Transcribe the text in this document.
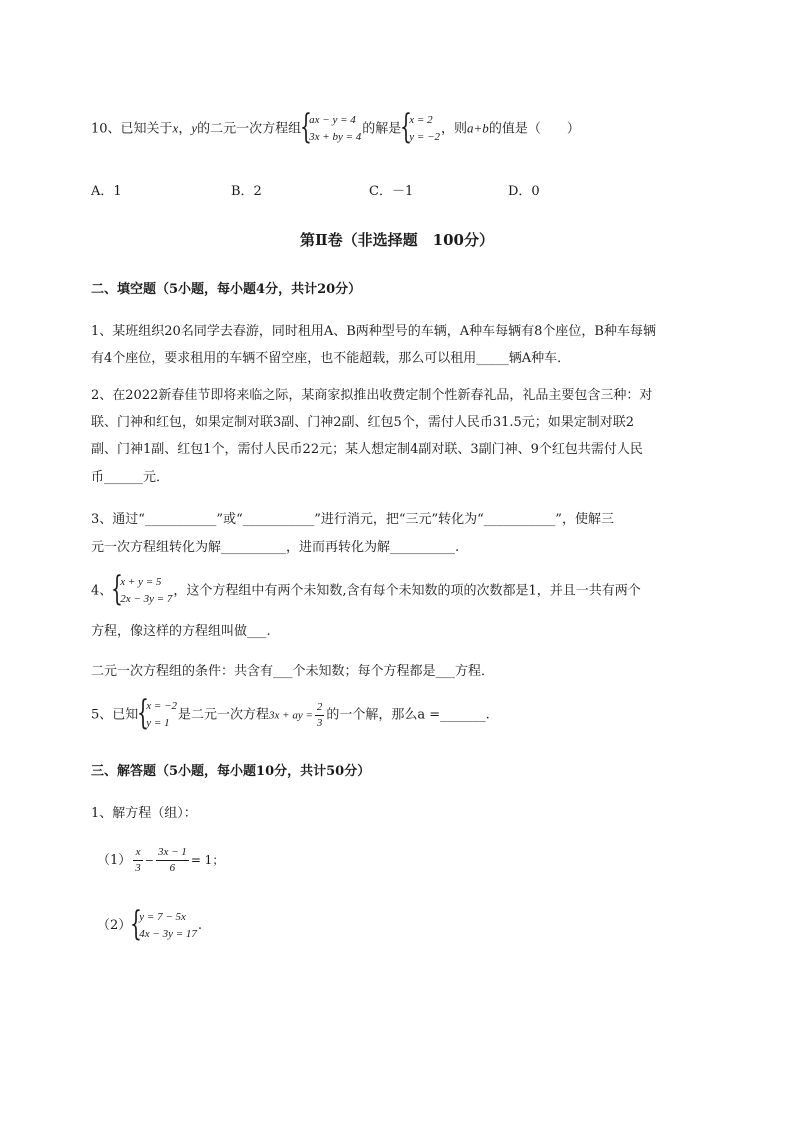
10、已知关于x，y的二元一次方程组
{ ax − y = 4
3x + by = 4
的解是
{ x = 2
y = −2
，则a+b的值是（　　）
A．1	B．2	C．－1	D．0
第Ⅱ卷（非选择题　100分）
二、填空题（5小题，每小题4分，共计20分）
1、某班组织20名同学去春游，同时租用A、B两种型号的车辆，A种车每辆有8个座位，B种车每辆
有4个座位，要求租用的车辆不留空座，也不能超载，那么可以租用_____辆A种车．
2、在2022新春佳节即将来临之际，某商家拟推出收费定制个性新春礼品，礼品主要包含三种：对
联、门神和红包，如果定制对联3副、门神2副、红包5个，需付人民币31.5元；如果定制对联2
副、门神1副、红包1个，需付人民币22元；某人想定制4副对联、3副门神、9个红包共需付人民
币______元．
3、通过“___________”或“___________”进行消元，把“三元”转化为“___________”，使解三
元一次方程组转化为解__________，进而再转化为解__________.
4、
{ x + y = 5
2x − 3y = 7
，这个方程组中有两个未知数,含有每个未知数的项的次数都是1，并且一共有两个
方程，像这样的方程组叫做___.
二元一次方程组的条件：共含有___个未知数；每个方程都是___方程．
5、已知
{ x = −2
y = 1
是二元一次方程3x + ay = $\frac{2}{3}$ 的一个解，那么a =_______.
三、解答题（5小题，每小题10分，共计50分）
1、解方程（组）：
$(1) \frac{x}{3} - \frac{3x - 1}{6} = 1$；
（2）
{ y = 7 − 5x
4x − 3y = 17
.
